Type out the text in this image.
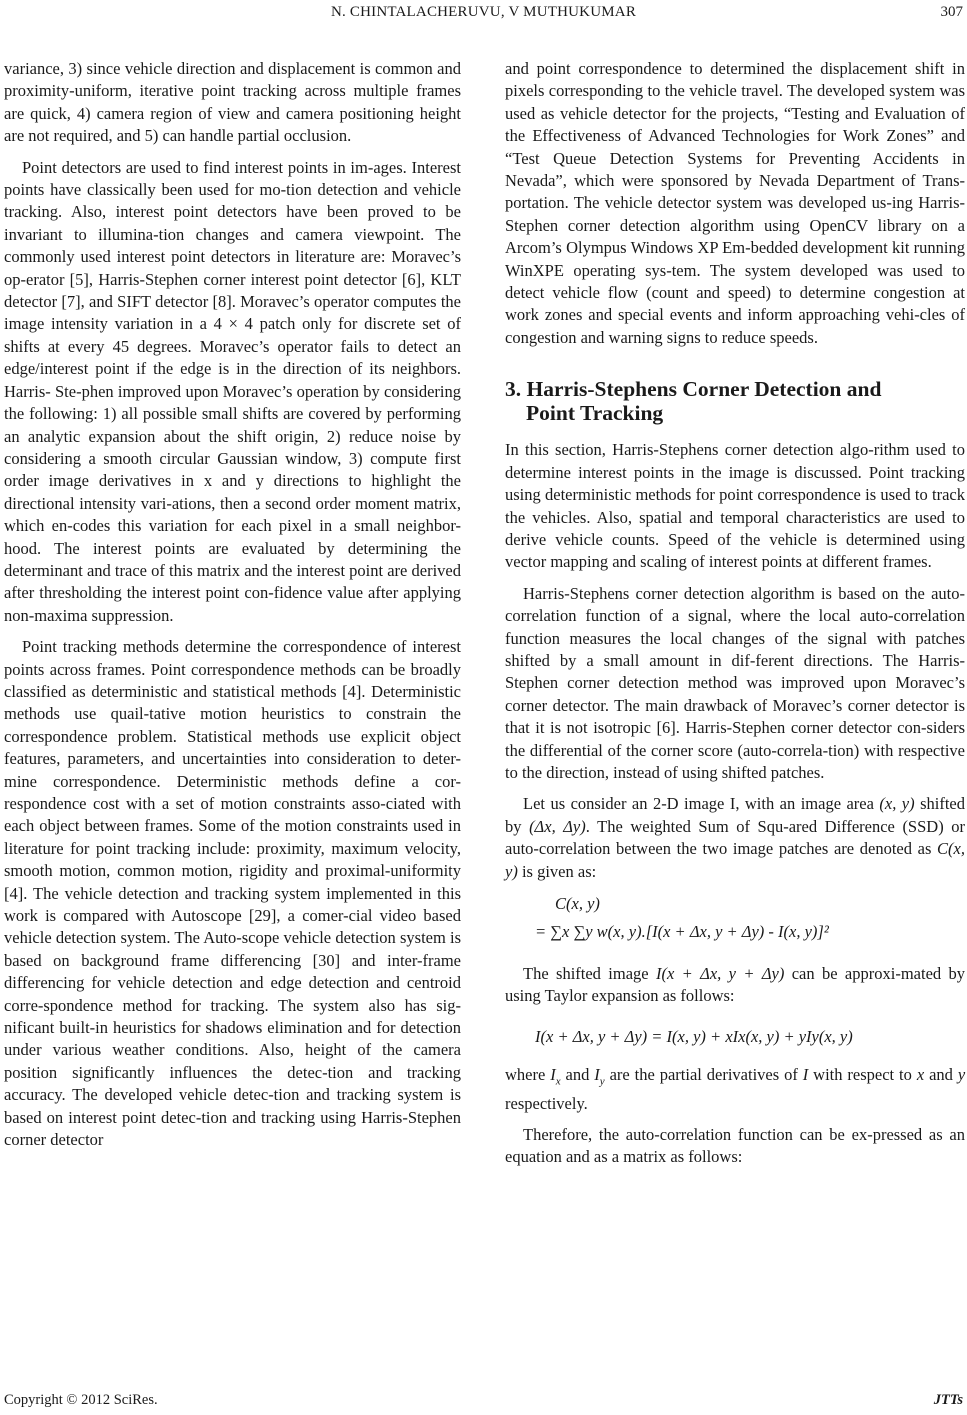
N. CHINTALACHERUVU, V MUTHUKUMAR	307

variance, 3) since vehicle direction and displacement is common and proximity-uniform, iterative point tracking across multiple frames are quick, 4) camera region of view and camera positioning height are not required, and 5) can handle partial occlusion.

Point detectors are used to find interest points in im-ages. Interest points have classically been used for mo-tion detection and vehicle tracking. Also, interest point detectors have been proved to be invariant to illumina-tion changes and camera viewpoint. The commonly used interest point detectors in literature are: Moravec’s op-erator [5], Harris-Stephen corner interest point detector [6], KLT detector [7], and SIFT detector [8]. Moravec’s operator computes the image intensity variation in a 4 × 4 patch only for discrete set of shifts at every 45 degrees. Moravec’s operator fails to detect an edge/interest point if the edge is in the direction of its neighbors. Harris- Ste-phen improved upon Moravec’s operation by considering the following: 1) all possible small shifts are covered by performing an analytic expansion about the shift origin, 2) reduce noise by considering a smooth circular Gaussian window, 3) compute first order image derivatives in x and y directions to highlight the directional intensity vari-ations, then a second order moment matrix, which en-codes this variation for each pixel in a small neighbor-hood. The interest points are evaluated by determining the determinant and trace of this matrix and the interest point are derived after thresholding the interest point con-fidence value after applying non-maxima suppression.

Point tracking methods determine the correspondence of interest points across frames. Point correspondence methods can be broadly classified as deterministic and statistical methods [4]. Deterministic methods use quail-tative motion heuristics to constrain the correspondence problem. Statistical methods use explicit object features, parameters, and uncertainties into consideration to deter-mine correspondence. Deterministic methods define a cor-respondence cost with a set of motion constraints asso-ciated with each object between frames. Some of the motion constraints used in literature for point tracking include: proximity, maximum velocity, smooth motion, common motion, rigidity and proximal-uniformity [4]. The vehicle detection and tracking system implemented in this work is compared with Autoscope [29], a comer-cial video based vehicle detection system. The Auto-scope vehicle detection system is based on background frame differencing [30] and inter-frame differencing for vehicle detection and edge detection and centroid corre-spondence method for tracking. The system also has sig-nificant built-in heuristics for shadows elimination and for detection under various weather conditions. Also, height of the camera position significantly influences the detec-tion and tracking accuracy. The developed vehicle detec-tion and tracking system is based on interest point detec-tion and tracking using Harris-Stephen corner detector

and point correspondence to determined the displacement shift in pixels corresponding to the vehicle travel. The developed system was used as vehicle detector for the projects, “Testing and Evaluation of the Effectiveness of Advanced Technologies for Work Zones” and “Test Queue Detection Systems for Preventing Accidents in Nevada”, which were sponsored by Nevada Department of Trans-portation. The vehicle detector system was developed us-ing Harris-Stephen corner detection algorithm using OpenCV library on a Arcom’s Olympus Windows XP Em-bedded development kit running WinXPE operating sys-tem. The system developed was used to detect vehicle flow (count and speed) to determine congestion at work zones and special events and inform approaching vehi-cles of congestion and warning signs to reduce speeds.

3. Harris-Stephens Corner Detection and
Point Tracking

In this section, Harris-Stephens corner detection algo-rithm used to determine interest points in the image is discussed. Point tracking using deterministic methods for point correspondence is used to track the vehicles. Also, spatial and temporal characteristics are used to derive vehicle counts. Speed of the vehicle is determined using vector mapping and scaling of interest points at different frames.

Harris-Stephens corner detection algorithm is based on the auto-correlation function of a signal, where the local auto-correlation function measures the local changes of the signal with patches shifted by a small amount in dif-ferent directions. The Harris-Stephen corner detection method was improved upon Moravec’s corner detector. The main drawback of Moravec’s corner detector is that it is not isotropic [6]. Harris-Stephen corner detector con-siders the differential of the corner score (auto-correla-tion) with respective to the direction, instead of using shifted patches.

Let us consider an 2-D image I, with an image area (x, y) shifted by (Δx, Δy). The weighted Sum of Squ-ared Difference (SSD) or auto-correlation between the two image patches are denoted as C(x, y) is given as:

C(x, y)
= ∑x ∑y w(x, y).[I(x + Δx, y + Δy) - I(x, y)]²

The shifted image I(x + Δx, y + Δy) can be approxi-mated by using Taylor expansion as follows:

I(x + Δx, y + Δy) = I(x, y) + xIx(x, y) + yIy(x, y)

where $I_x$ and $I_y$ are the partial derivatives of I with respect to x and y respectively.

Therefore, the auto-correlation function can be ex-pressed as an equation and as a matrix as follows:

Copyright © 2012 SciRes.	JTTs
